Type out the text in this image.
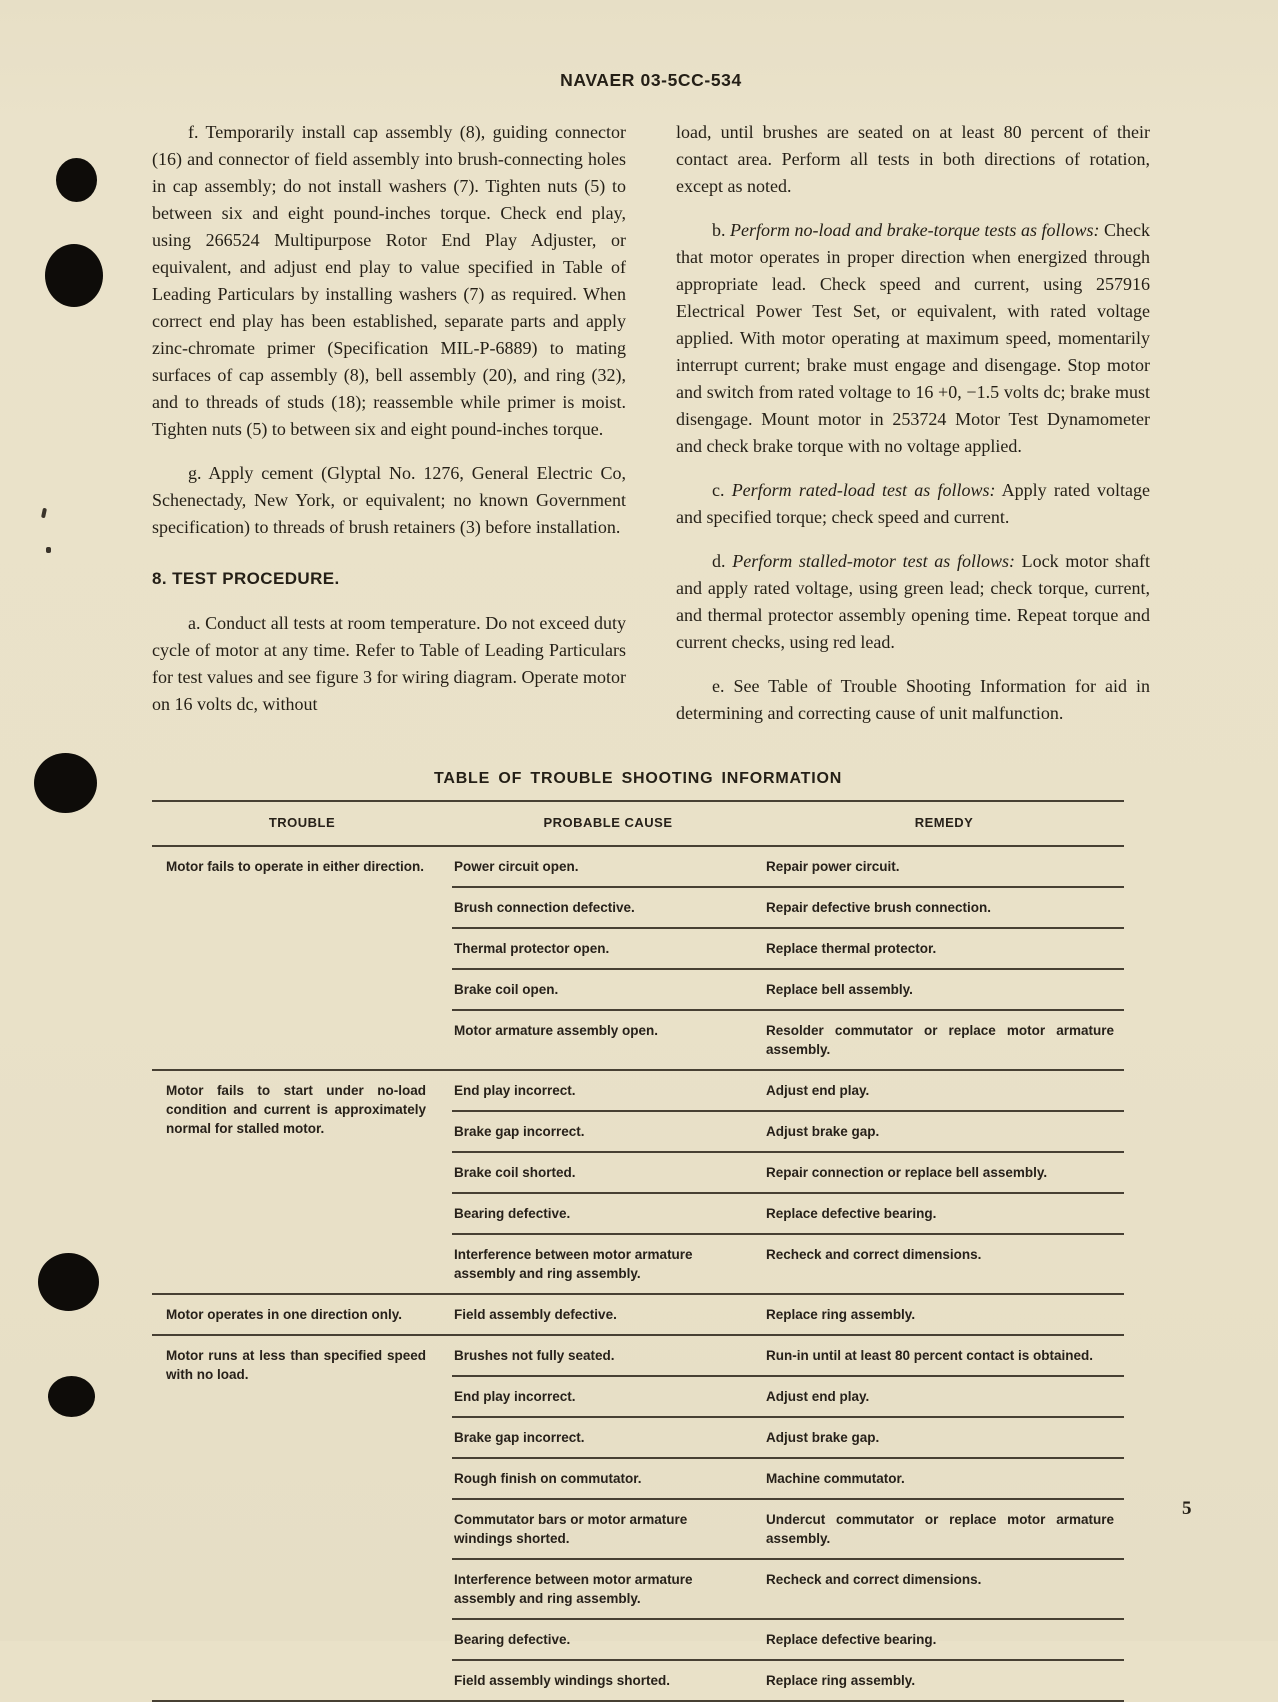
NAVAER 03-5CC-534

f. Temporarily install cap assembly (8), guiding connector (16) and connector of field assembly into brush-connecting holes in cap assembly; do not install washers (7). Tighten nuts (5) to between six and eight pound-inches torque. Check end play, using 266524 Multipurpose Rotor End Play Adjuster, or equivalent, and adjust end play to value specified in Table of Leading Particulars by installing washers (7) as required. When correct end play has been established, separate parts and apply zinc-chromate primer (Specification MIL-P-6889) to mating surfaces of cap assembly (8), bell assembly (20), and ring (32), and to threads of studs (18); reassemble while primer is moist. Tighten nuts (5) to between six and eight pound-inches torque.

g. Apply cement (Glyptal No. 1276, General Electric Co, Schenectady, New York, or equivalent; no known Government specification) to threads of brush retainers (3) before installation.

8. TEST PROCEDURE.

a. Conduct all tests at room temperature. Do not exceed duty cycle of motor at any time. Refer to Table of Leading Particulars for test values and see figure 3 for wiring diagram. Operate motor on 16 volts dc, without

load, until brushes are seated on at least 80 percent of their contact area. Perform all tests in both directions of rotation, except as noted.

b. Perform no-load and brake-torque tests as follows: Check that motor operates in proper direction when energized through appropriate lead. Check speed and current, using 257916 Electrical Power Test Set, or equivalent, with rated voltage applied. With motor operating at maximum speed, momentarily interrupt current; brake must engage and disengage. Stop motor and switch from rated voltage to 16 +0, −1.5 volts dc; brake must disengage. Mount motor in 253724 Motor Test Dynamometer and check brake torque with no voltage applied.

c. Perform rated-load test as follows: Apply rated voltage and specified torque; check speed and current.

d. Perform stalled-motor test as follows: Lock motor shaft and apply rated voltage, using green lead; check torque, current, and thermal protector assembly opening time. Repeat torque and current checks, using red lead.

e. See Table of Trouble Shooting Information for aid in determining and correcting cause of unit malfunction.

TABLE OF TROUBLE SHOOTING INFORMATION
TROUBLE	PROBABLE CAUSE	REMEDY
Motor fails to operate in either direction.	Power circuit open.	Repair power circuit.
	Brush connection defective.	Repair defective brush connection.
	Thermal protector open.	Replace thermal protector.
	Brake coil open.	Replace bell assembly.
	Motor armature assembly open.	Resolder commutator or replace motor armature assembly.
Motor fails to start under no-load condition and current is approximately normal for stalled motor.	End play incorrect.	Adjust end play.
	Brake gap incorrect.	Adjust brake gap.
	Brake coil shorted.	Repair connection or replace bell assembly.
	Bearing defective.	Replace defective bearing.
	Interference between motor armature assembly and ring assembly.	Recheck and correct dimensions.
Motor operates in one direction only.	Field assembly defective.	Replace ring assembly.
Motor runs at less than specified speed with no load.	Brushes not fully seated.	Run-in until at least 80 percent contact is obtained.
	End play incorrect.	Adjust end play.
	Brake gap incorrect.	Adjust brake gap.
	Rough finish on commutator.	Machine commutator.
	Commutator bars or motor armature windings shorted.	Undercut commutator or replace motor armature assembly.
	Interference between motor armature assembly and ring assembly.	Recheck and correct dimensions.
	Bearing defective.	Replace defective bearing.
	Field assembly windings shorted.	Replace ring assembly.
5
